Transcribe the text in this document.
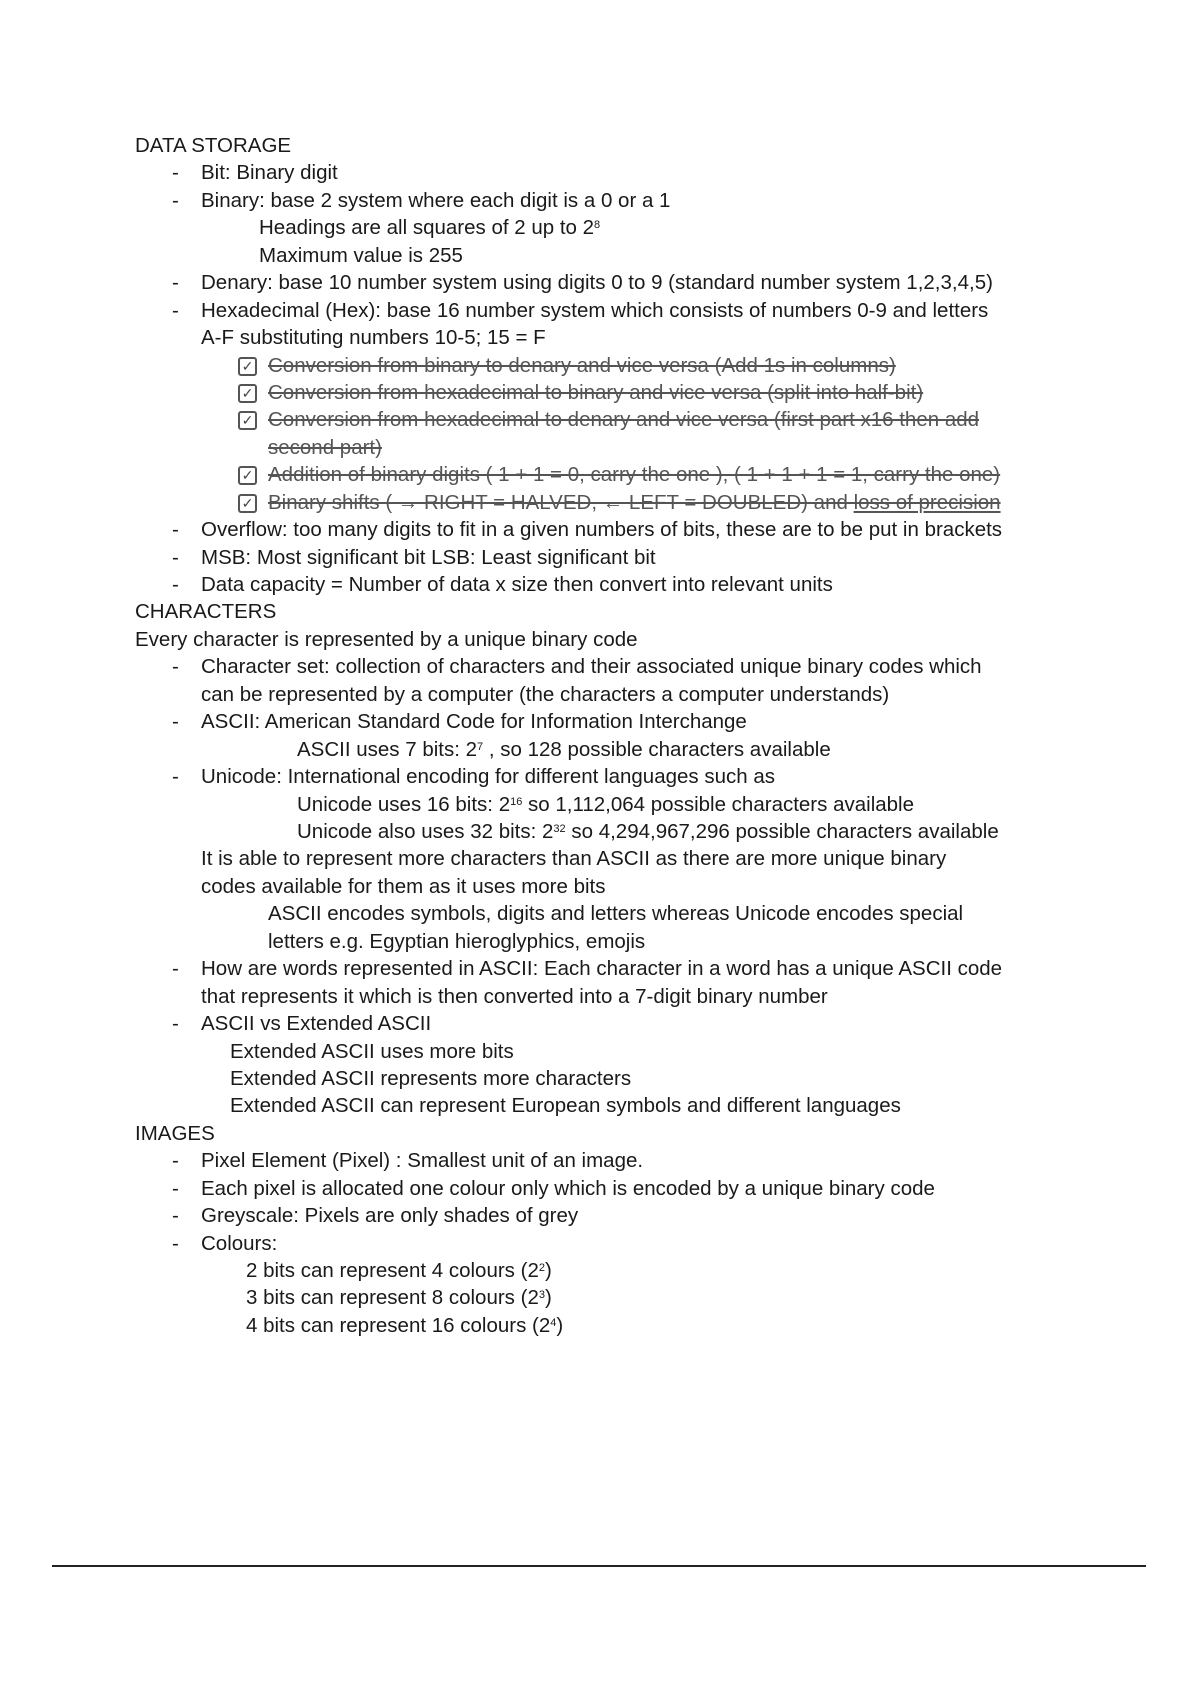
DATA STORAGE
- Bit: Binary digit
- Binary: base 2 system where each digit is a 0 or a 1
Headings are all squares of 2 up to $2^8$
Maximum value is 255
- Denary: base 10 number system using digits 0 to 9 (standard number system 1,2,3,4,5)
- Hexadecimal (Hex): base 16 number system which consists of numbers 0-9 and letters
A-F substituting numbers 10-5; 15 = F
✓ Conversion from binary to denary and vice versa (Add 1s in columns)
✓ Conversion from hexadecimal to binary and vice versa (split into half-bit)
✓ Conversion from hexadecimal to denary and vice versa (first part x16 then add
second part)
✓ Addition of binary digits ( 1 + 1 = 0, carry the one ), ( 1 + 1 + 1 = 1, carry the one)
✓ Binary shifts ( → RIGHT = HALVED, ← LEFT = DOUBLED) and loss of precision
- Overflow: too many digits to fit in a given numbers of bits, these are to be put in brackets
- MSB: Most significant bit LSB: Least significant bit
- Data capacity = Number of data x size then convert into relevant units
CHARACTERS
Every character is represented by a unique binary code
- Character set: collection of characters and their associated unique binary codes which
can be represented by a computer (the characters a computer understands)
- ASCII: American Standard Code for Information Interchange
ASCII uses 7 bits: $2^7$ , so 128 possible characters available
- Unicode: International encoding for different languages such as
Unicode uses 16 bits: $2^{16}$ so 1,112,064 possible characters available
Unicode also uses 32 bits: $2^{32}$ so 4,294,967,296 possible characters available
It is able to represent more characters than ASCII as there are more unique binary
codes available for them as it uses more bits
ASCII encodes symbols, digits and letters whereas Unicode encodes special
letters e.g. Egyptian hieroglyphics, emojis
- How are words represented in ASCII: Each character in a word has a unique ASCII code
that represents it which is then converted into a 7-digit binary number
- ASCII vs Extended ASCII
Extended ASCII uses more bits
Extended ASCII represents more characters
Extended ASCII can represent European symbols and different languages
IMAGES
- Pixel Element (Pixel) : Smallest unit of an image.
- Each pixel is allocated one colour only which is encoded by a unique binary code
- Greyscale: Pixels are only shades of grey
- Colours:
2 bits can represent 4 colours $(2^2)$
3 bits can represent 8 colours $(2^3)$
4 bits can represent 16 colours $(2^4)$
